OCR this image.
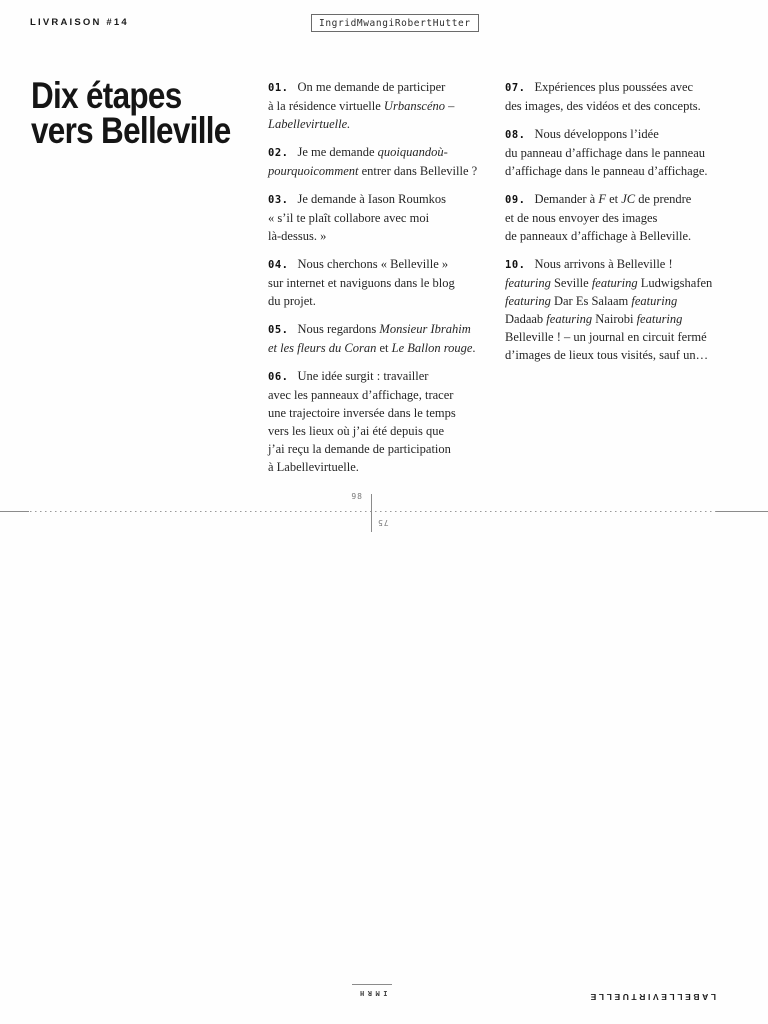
LIVRAISON #14	IngridMwangiRobertHutter
Dix étapes
vers Belleville
01. On me demande de participer
à la résidence virtuelle Urbanscéno –
Labellevirtuelle.
02. Je me demande quoiquandoù-
pourquoicomment entrer dans Belleville ?
03. Je demande à Iason Roumkos
« s’il te plaît collabore avec moi
là-dessus. »
04. Nous cherchons « Belleville »
sur internet et naviguons dans le blog
du projet.
05. Nous regardons Monsieur Ibrahim
et les fleurs du Coran et Le Ballon rouge.
06. Une idée surgit : travailler
avec les panneaux d’affichage, tracer
une trajectoire inversée dans le temps
vers les lieux où j’ai été depuis que
j’ai reçu la demande de participation
à Labellevirtuelle.
07. Expériences plus poussées avec
des images, des vidéos et des concepts.
08. Nous développons l’idée
du panneau d’affichage dans le panneau
d’affichage dans le panneau d’affichage.
09. Demander à F et JC de prendre
et de nous envoyer des images
de panneaux d’affichage à Belleville.
10. Nous arrivons à Belleville !
featuring Seville featuring Ludwigshafen
featuring Dar Es Salaam featuring
Dadaab featuring Nairobi featuring
Belleville ! – un journal en circuit fermé
d’images de lieux tous visités, sauf un…
98
75
IMRH	LABELLEVIRTUELLE
